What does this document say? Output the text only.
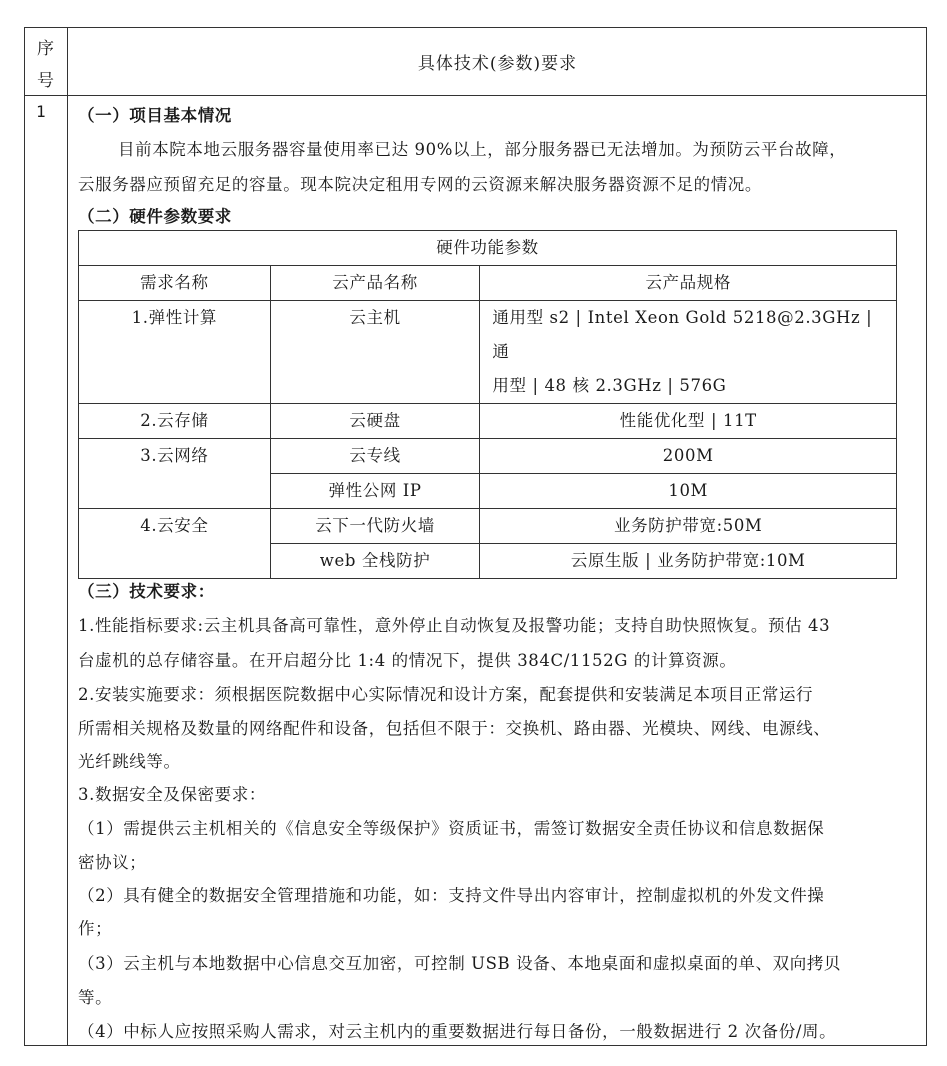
序
号
具体技术(参数)要求
1 （一）项目基本情况
目前本院本地云服务器容量使用率已达 90%以上，部分服务器已无法增加。为预防云平台故障，
云服务器应预留充足的容量。现本院决定租用专网的云资源来解决服务器资源不足的情况。
（二）硬件参数要求
硬件功能参数		
需求名称	云产品名称	云产品规格
1.弹性计算	云主机	通用型 s2 | Intel Xeon Gold 5218@2.3GHz | 通
用型 | 48 核 2.3GHz | 576G

2.云存储	云硬盘	性能优化型 | 11T
3.云网络	云专线	200M
	弹性公网 IP	10M
4.云安全	云下一代防火墙	业务防护带宽:50M
	web 全栈防护	云原生版 | 业务防护带宽:10M
（三）技术要求：
1.性能指标要求:云主机具备高可靠性，意外停止自动恢复及报警功能；支持自助快照恢复。预估 43
台虚机的总存储容量。在开启超分比 1:4 的情况下，提供 384C/1152G 的计算资源。
2.安装实施要求：须根据医院数据中心实际情况和设计方案，配套提供和安装满足本项目正常运行
所需相关规格及数量的网络配件和设备，包括但不限于：交换机、路由器、光模块、网线、电源线、
光纤跳线等。
3.数据安全及保密要求：
（1）需提供云主机相关的《信息安全等级保护》资质证书，需签订数据安全责任协议和信息数据保
密协议；
（2）具有健全的数据安全管理措施和功能，如：支持文件导出内容审计，控制虚拟机的外发文件操
作；
（3）云主机与本地数据中心信息交互加密，可控制 USB 设备、本地桌面和虚拟桌面的单、双向拷贝
等。
（4）中标人应按照采购人需求，对云主机内的重要数据进行每日备份，一般数据进行 2 次备份/周。
